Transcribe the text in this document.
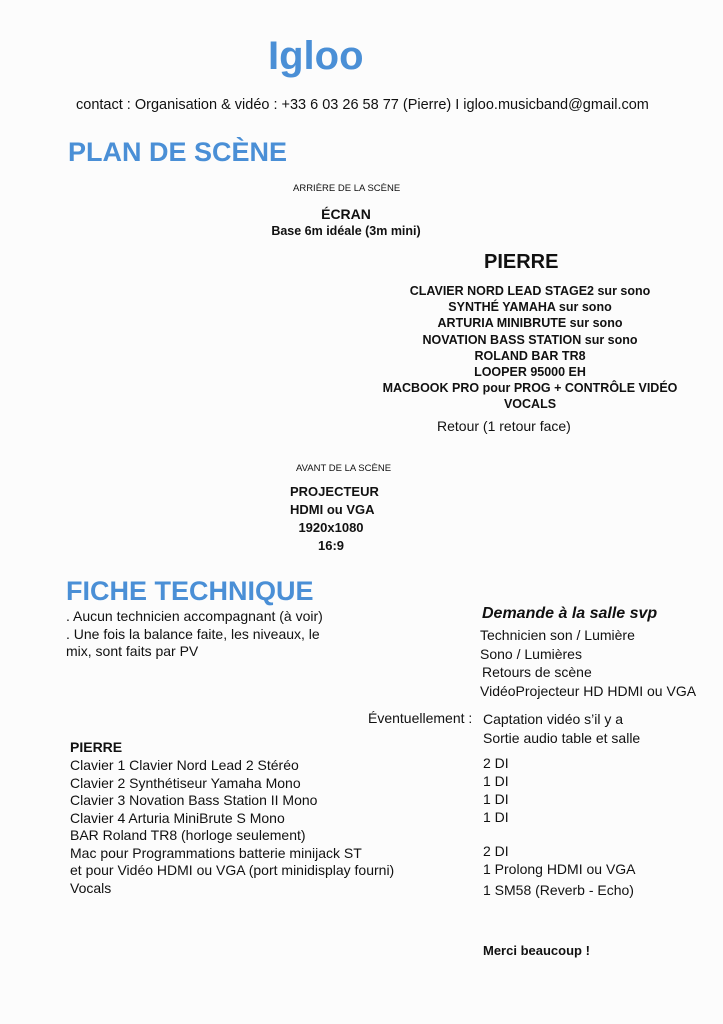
Igloo
contact : Organisation & vidéo : +33 6 03 26 58 77 (Pierre) I igloo.musicband@gmail.com
PLAN DE SCÈNE
ARRIÈRE DE LA SCÈNE
ÉCRAN
Base 6m idéale (3m mini)
PIERRE
CLAVIER NORD LEAD STAGE2 sur sono
SYNTHÉ YAMAHA sur sono
ARTURIA MINIBRUTE sur sono
NOVATION BASS STATION sur sono
ROLAND BAR TR8
LOOPER 95000 EH
MACBOOK PRO pour PROG + CONTRÔLE VIDÉO
VOCALS
Retour (1 retour face)
AVANT DE LA SCÈNE
PROJECTEUR
HDMI ou VGA
1920x1080
16:9
FICHE TECHNIQUE
. Aucun technicien accompagnant (à voir)
. Une fois la balance faite, les niveaux, le
mix, sont faits par PV
Demande à la salle svp
Technicien son / Lumière
Sono / Lumières
Retours de scène
VidéoProjecteur HD HDMI ou VGA
Éventuellement : Captation vidéo s’il y a
Sortie audio table et salle
PIERRE
Clavier 1 Clavier Nord Lead 2 Stéréo
Clavier 2 Synthétiseur Yamaha Mono
Clavier 3 Novation Bass Station II Mono
Clavier 4 Arturia MiniBrute S Mono
BAR Roland TR8 (horloge seulement)
Mac pour Programmations batterie minijack ST
et pour Vidéo HDMI ou VGA (port minidisplay fourni)
Vocals
2 DI
1 DI
1 DI
1 DI
2 DI
1 Prolong HDMI ou VGA
1 SM58 (Reverb - Echo)
Merci beaucoup !
